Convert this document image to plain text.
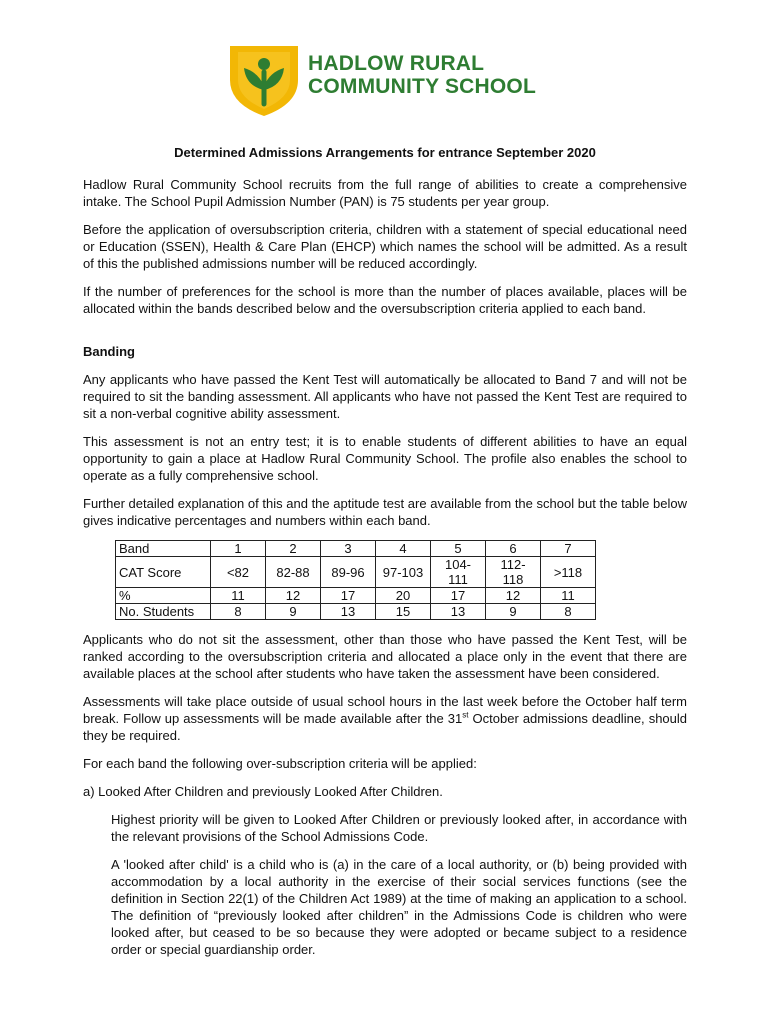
HADLOW RURAL
COMMUNITY SCHOOL
Determined Admissions Arrangements for entrance September 2020

Hadlow Rural Community School recruits from the full range of abilities to create a comprehensive intake. The School Pupil Admission Number (PAN) is 75 students per year group.

Before the application of oversubscription criteria, children with a statement of special educational need or Education (SSEN), Health & Care Plan (EHCP) which names the school will be admitted. As a result of this the published admissions number will be reduced accordingly.

If the number of preferences for the school is more than the number of places available, places will be allocated within the bands described below and the oversubscription criteria applied to each band.

Banding

Any applicants who have passed the Kent Test will automatically be allocated to Band 7 and will not be required to sit the banding assessment. All applicants who have not passed the Kent Test are required to sit a non-verbal cognitive ability assessment.

This assessment is not an entry test; it is to enable students of different abilities to have an equal opportunity to gain a place at Hadlow Rural Community School. The profile also enables the school to operate as a fully comprehensive school.

Further detailed explanation of this and the aptitude test are available from the school but the table below gives indicative percentages and numbers within each band.

Band	1	2	3	4	5	6	7
CAT Score	<82	82-88	89-96	97-103	104-111	112-118	>118
%	11	12	17	20	17	12	11
No. Students	8	9	13	15	13	9	8

Applicants who do not sit the assessment, other than those who have passed the Kent Test, will be ranked according to the oversubscription criteria and allocated a place only in the event that there are available places at the school after students who have taken the assessment have been considered.

Assessments will take place outside of usual school hours in the last week before the October half term break. Follow up assessments will be made available after the 31st October admissions deadline, should they be required.

For each band the following over-subscription criteria will be applied:

a) Looked After Children and previously Looked After Children.

Highest priority will be given to Looked After Children or previously looked after, in accordance with the relevant provisions of the School Admissions Code.

A 'looked after child' is a child who is (a) in the care of a local authority, or (b) being provided with accommodation by a local authority in the exercise of their social services functions (see the definition in Section 22(1) of the Children Act 1989) at the time of making an application to a school. The definition of “previously looked after children” in the Admissions Code is children who were looked after, but ceased to be so because they were adopted or became subject to a residence order or special guardianship order.
